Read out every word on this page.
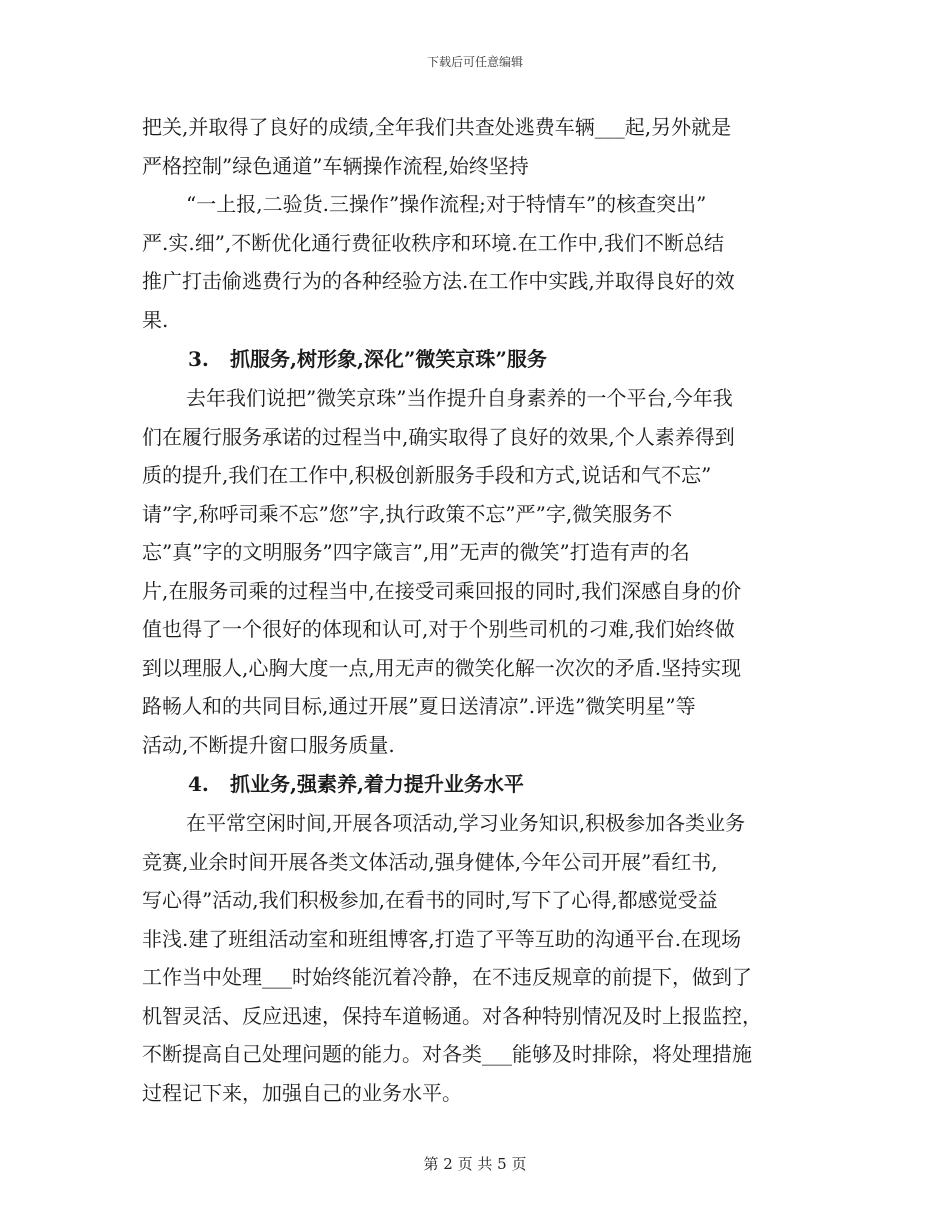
下载后可任意编辑
把关,并取得了良好的成绩,全年我们共查处逃费车辆___起,另外就是
严格控制”绿色通道”车辆操作流程,始终坚持
“一上报,二验货.三操作”操作流程;对于特情车”的核查突出”
严.实.细”,不断优化通行费征收秩序和环境.在工作中,我们不断总结
推广打击偷逃费行为的各种经验方法.在工作中实践,并取得良好的效
果.
3. 抓服务,树形象,深化”微笑京珠”服务
去年我们说把”微笑京珠”当作提升自身素养的一个平台,今年我
们在履行服务承诺的过程当中,确实取得了良好的效果,个人素养得到
质的提升,我们在工作中,积极创新服务手段和方式,说话和气不忘”
请”字,称呼司乘不忘”您”字,执行政策不忘”严”字,微笑服务不
忘”真”字的文明服务”四字箴言”,用”无声的微笑”打造有声的名
片,在服务司乘的过程当中,在接受司乘回报的同时,我们深感自身的价
值也得了一个很好的体现和认可,对于个别些司机的刁难,我们始终做
到以理服人,心胸大度一点,用无声的微笑化解一次次的矛盾.坚持实现
路畅人和的共同目标,通过开展”夏日送清凉”.评选”微笑明星”等
活动,不断提升窗口服务质量.
4. 抓业务,强素养,着力提升业务水平
在平常空闲时间,开展各项活动,学习业务知识,积极参加各类业务
竞赛,业余时间开展各类文体活动,强身健体,今年公司开展”看红书,
写心得”活动,我们积极参加,在看书的同时,写下了心得,都感觉受益
非浅.建了班组活动室和班组博客,打造了平等互助的沟通平台.在现场
工作当中处理___时始终能沉着冷静，在不违反规章的前提下，做到了
机智灵活、反应迅速，保持车道畅通。对各种特别情况及时上报监控，
不断提高自己处理问题的能力。对各类___能够及时排除，将处理措施
过程记下来，加强自己的业务水平。
第 2 页 共 5 页
